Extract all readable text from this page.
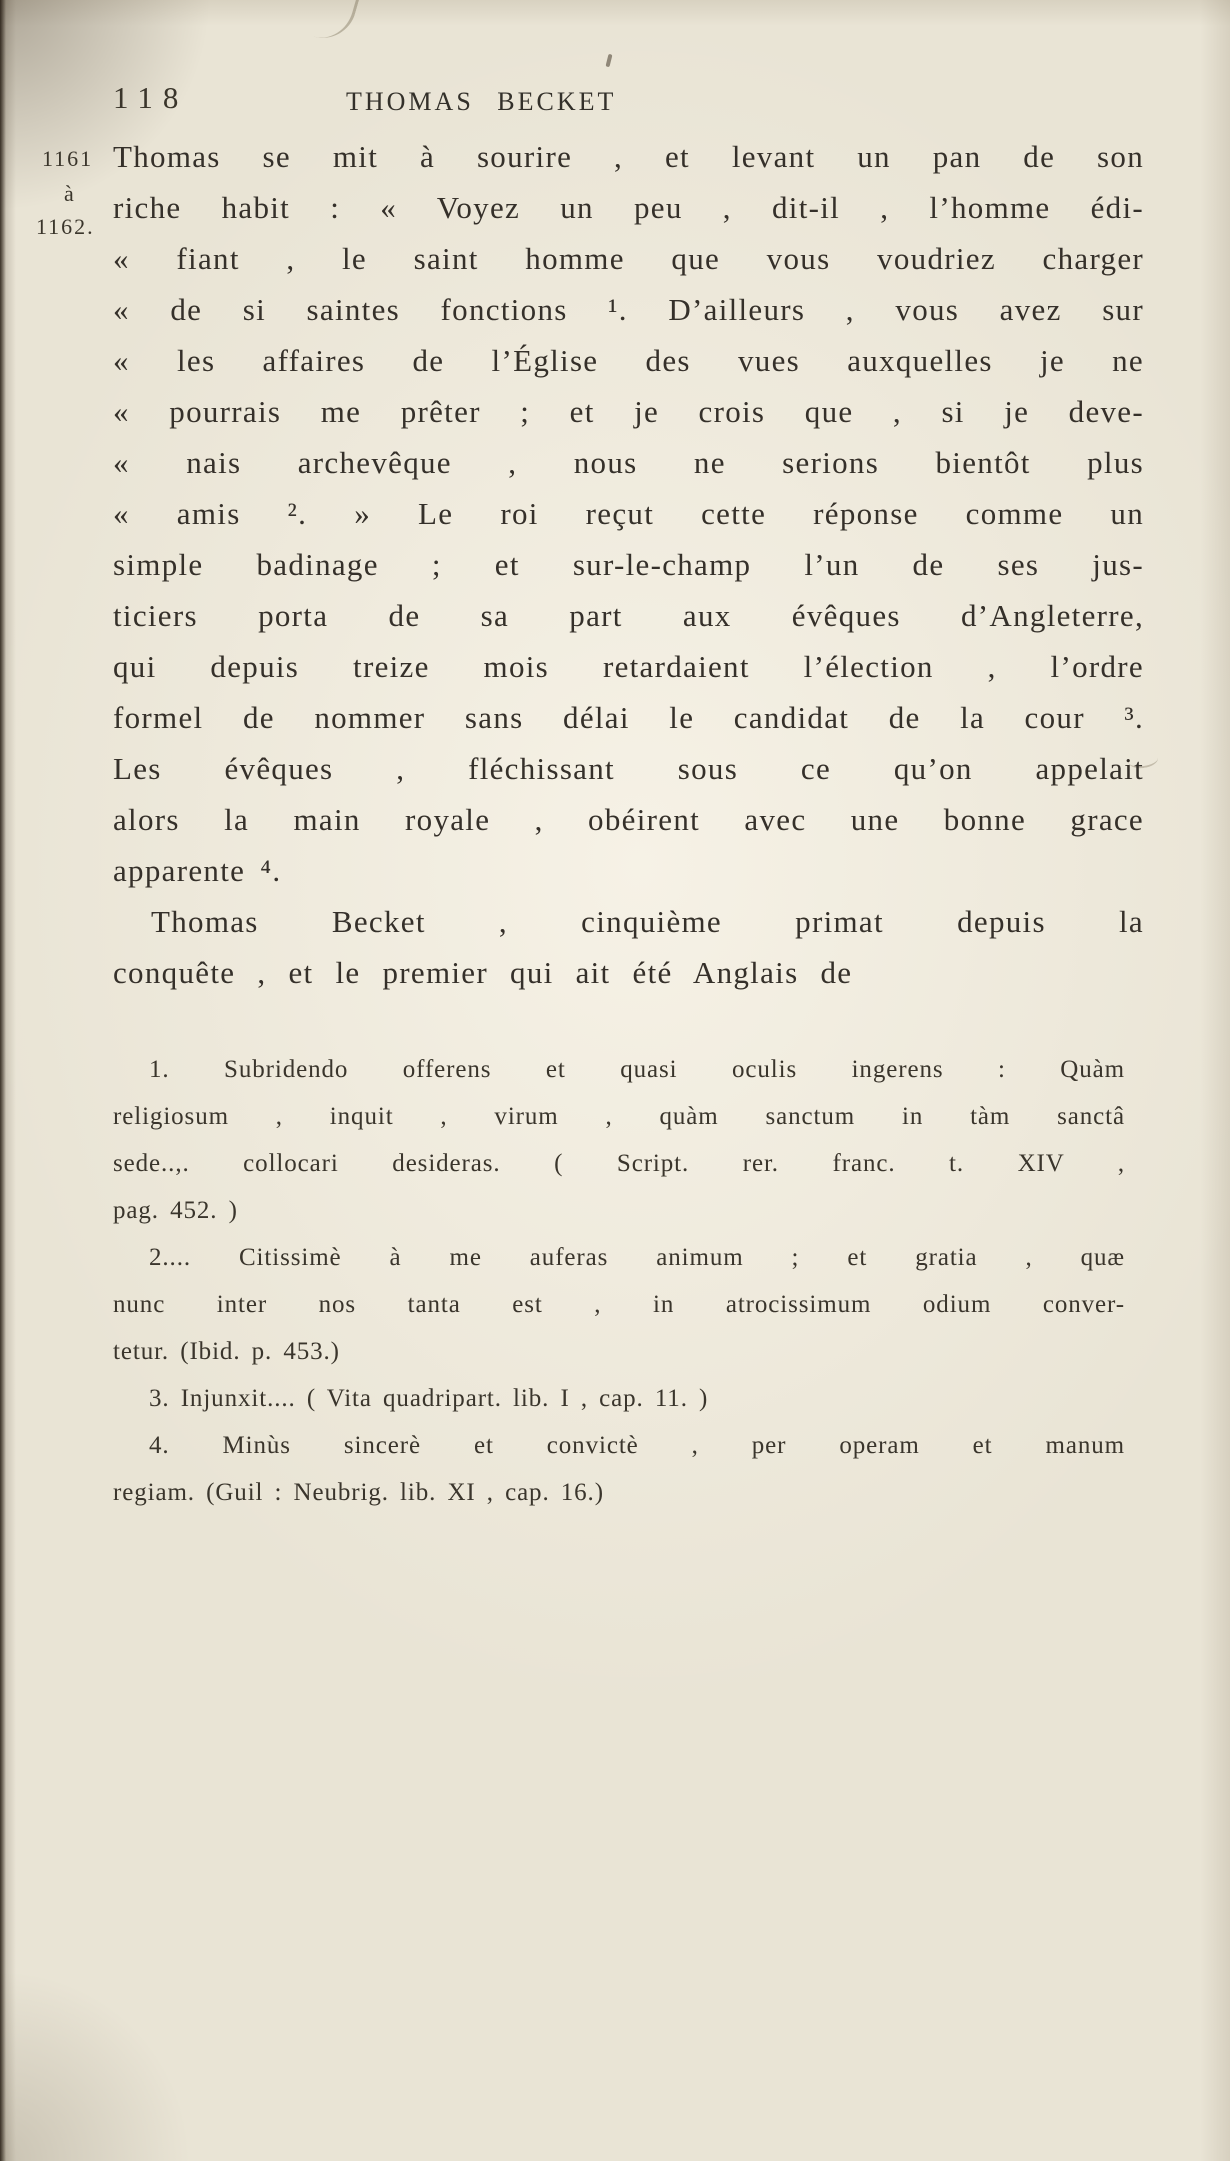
118	THOMAS BECKET
1161
à
1162.
Thomas se mit à sourire , et levant un pan de son
riche habit : « Voyez un peu , dit-il , l’homme édi-
« fiant , le saint homme que vous voudriez charger
« de si saintes fonctions ¹. D’ailleurs , vous avez sur
« les affaires de l’Église des vues auxquelles je ne
« pourrais me prêter ; et je crois que , si je deve-
« nais archevêque , nous ne serions bientôt plus
« amis ². » Le roi reçut cette réponse comme un
simple badinage ; et sur-le-champ l’un de ses jus-
ticiers porta de sa part aux évêques d’Angleterre,
qui depuis treize mois retardaient l’élection , l’ordre
formel de nommer sans délai le candidat de la cour ³.
Les évêques , fléchissant sous ce qu’on appelait
alors la main royale , obéirent avec une bonne grace
apparente ⁴.
Thomas Becket , cinquième primat depuis la
conquête , et le premier qui ait été Anglais de
1. Subridendo offerens et quasi oculis ingerens : Quàm
religiosum , inquit , virum , quàm sanctum in tàm sanctâ
sede..,. collocari desideras. ( Script. rer. franc. t. XIV ,
pag. 452. )
2.... Citissimè à me auferas animum ; et gratia , quæ
nunc inter nos tanta est , in atrocissimum odium conver-
tetur. (Ibid. p. 453.)
3. Injunxit.... ( Vita quadripart. lib. I , cap. 11. )
4. Minùs sincerè et convictè , per operam et manum
regiam. (Guil : Neubrig. lib. XI , cap. 16.)
